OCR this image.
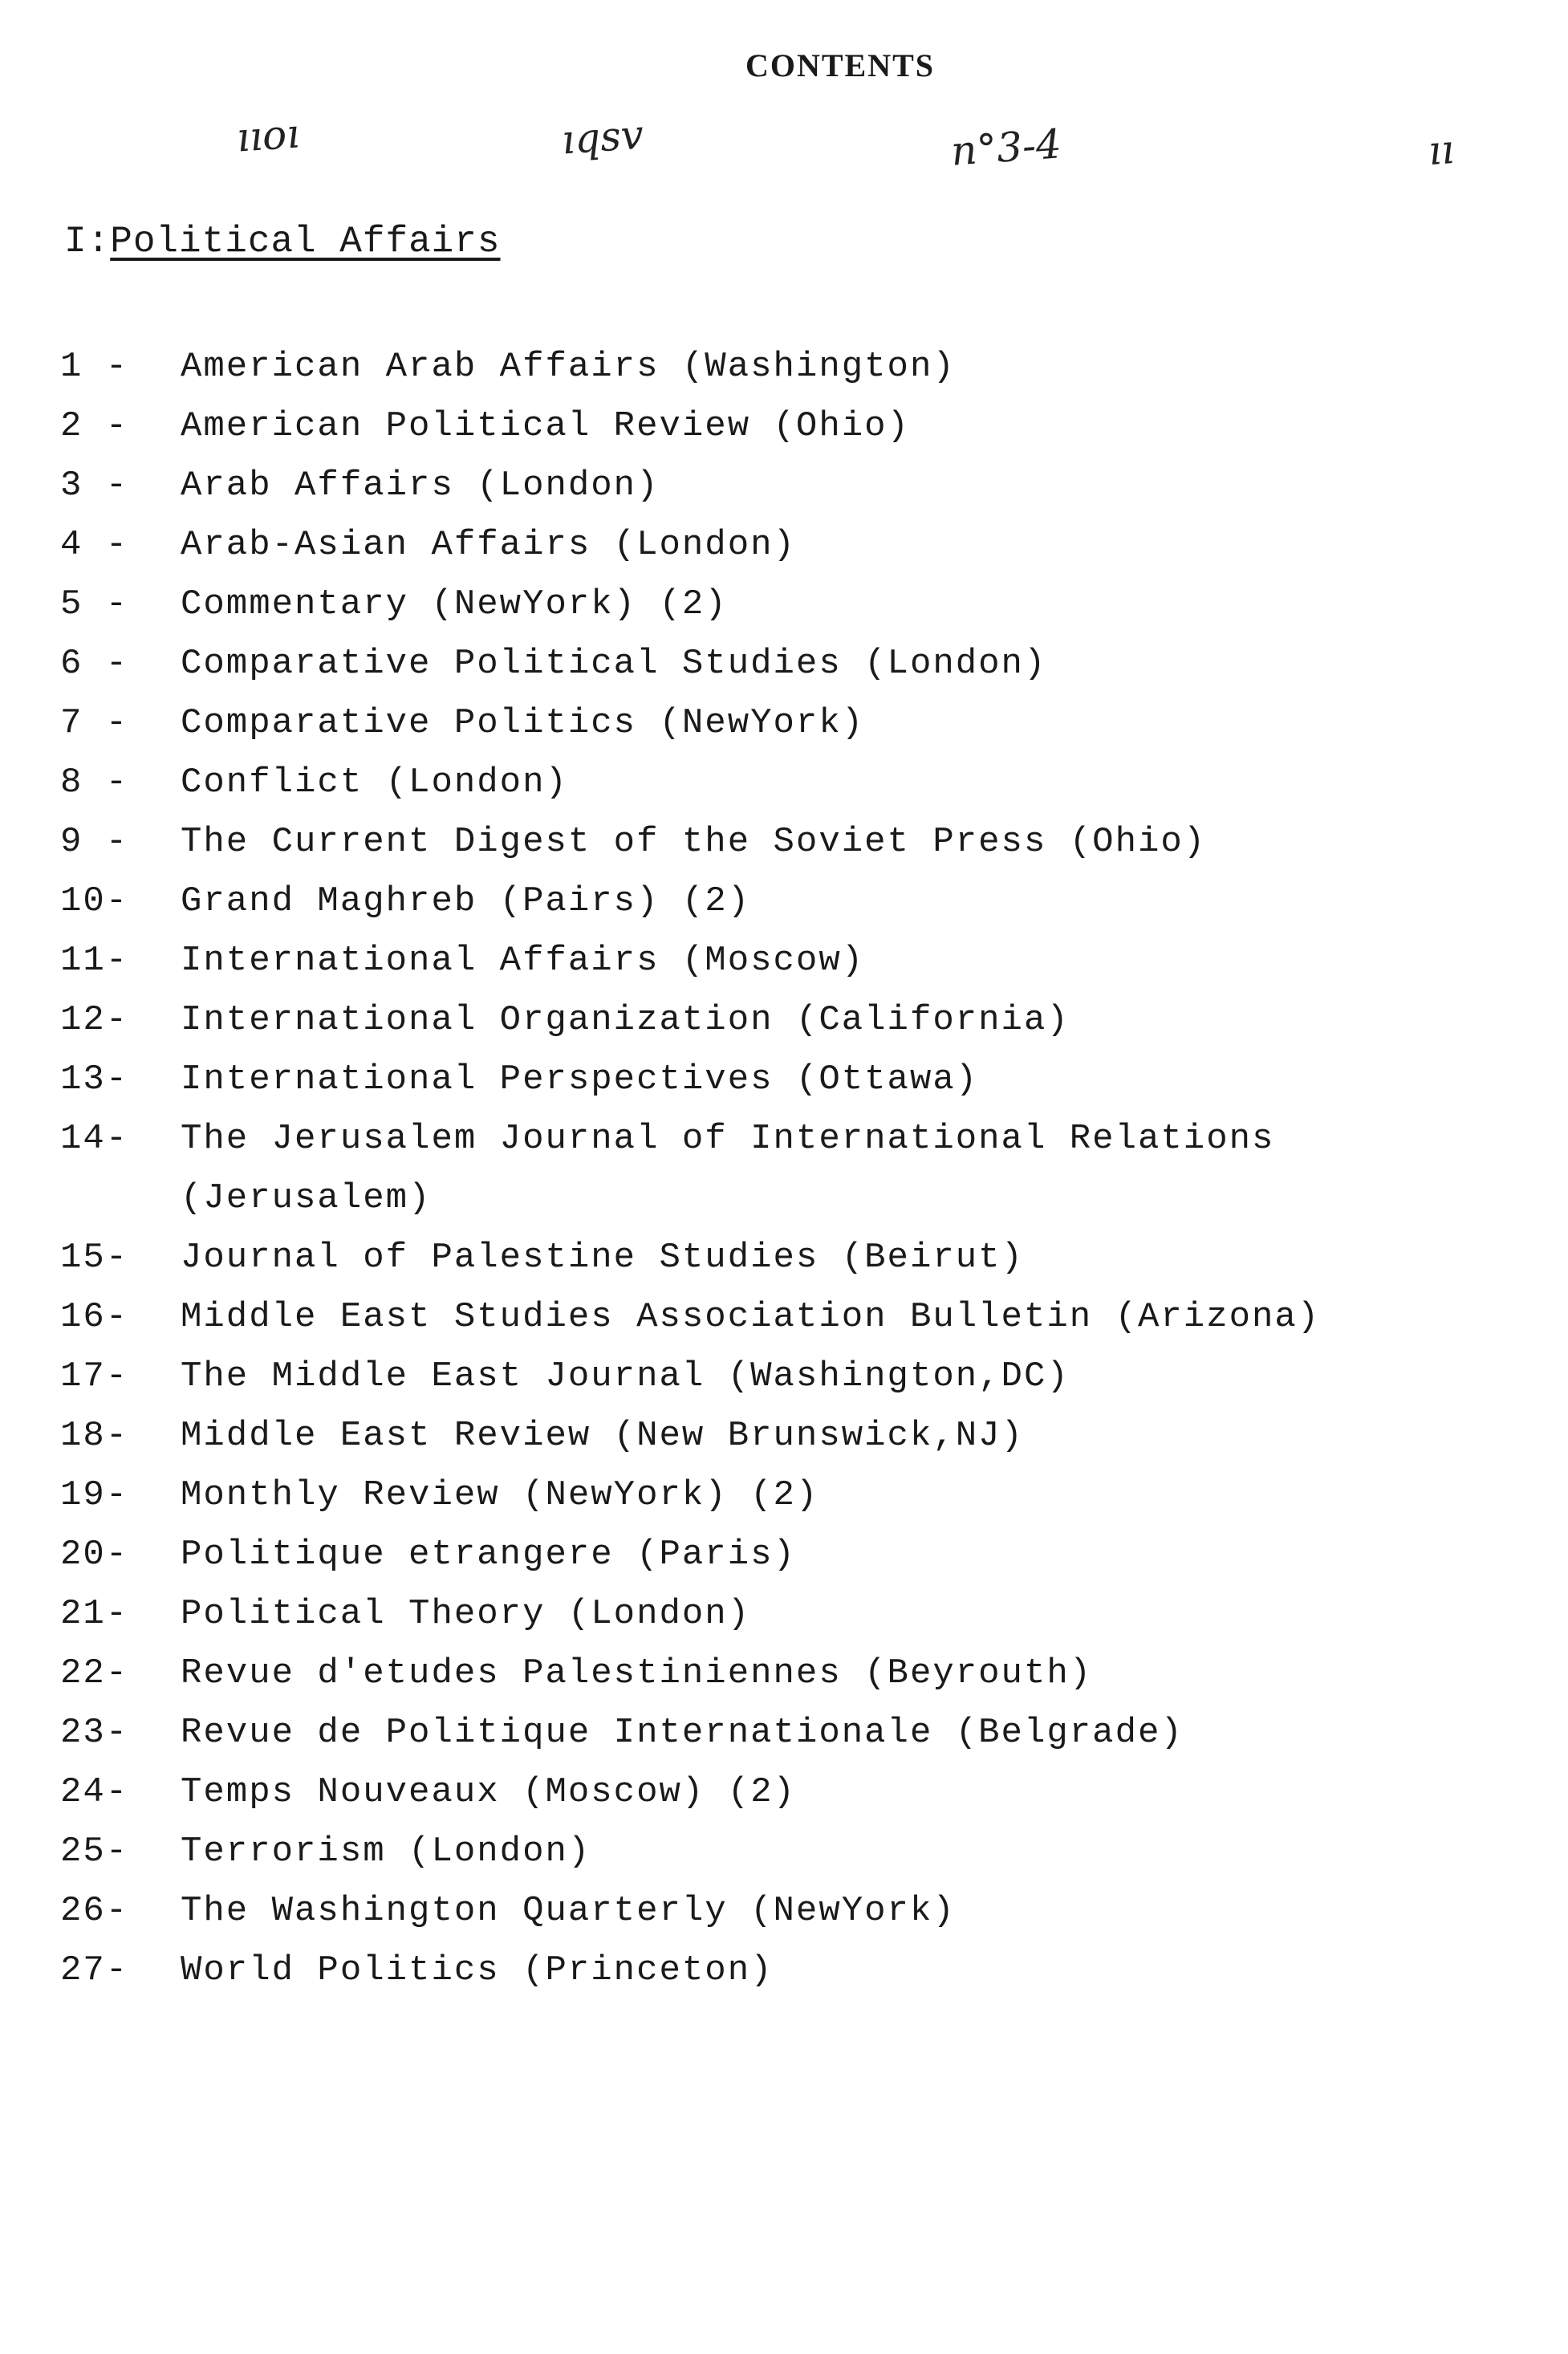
CONTENTS
ııoı	ıqsv	n°3-4	ıı
I:Political Affairs
1 -	American Arab Affairs (Washington)
2 -	American Political Review (Ohio)
3 -	Arab Affairs (London)
4 -	Arab-Asian Affairs (London)
5 -	Commentary (NewYork) (2)
6 -	Comparative Political Studies (London)
7 -	Comparative Politics (NewYork)
8 -	Conflict (London)
9 -	The Current Digest of the Soviet Press (Ohio)
10-	Grand Maghreb (Pairs) (2)
11-	International Affairs (Moscow)
12-	International Organization (California)
13-	International Perspectives (Ottawa)
14-	The Jerusalem Journal of International Relations
(Jerusalem)
15-	Journal of Palestine Studies (Beirut)
16-	Middle East Studies Association Bulletin (Arizona)
17-	The Middle East Journal (Washington,DC)
18-	Middle East Review (New Brunswick,NJ)
19-	Monthly Review (NewYork) (2)
20-	Politique etrangere (Paris)
21-	Political Theory (London)
22-	Revue d'etudes Palestiniennes (Beyrouth)
23-	Revue de Politique Internationale (Belgrade)
24-	Temps Nouveaux (Moscow) (2)
25-	Terrorism (London)
26-	The Washington Quarterly (NewYork)
27-	World Politics (Princeton)
